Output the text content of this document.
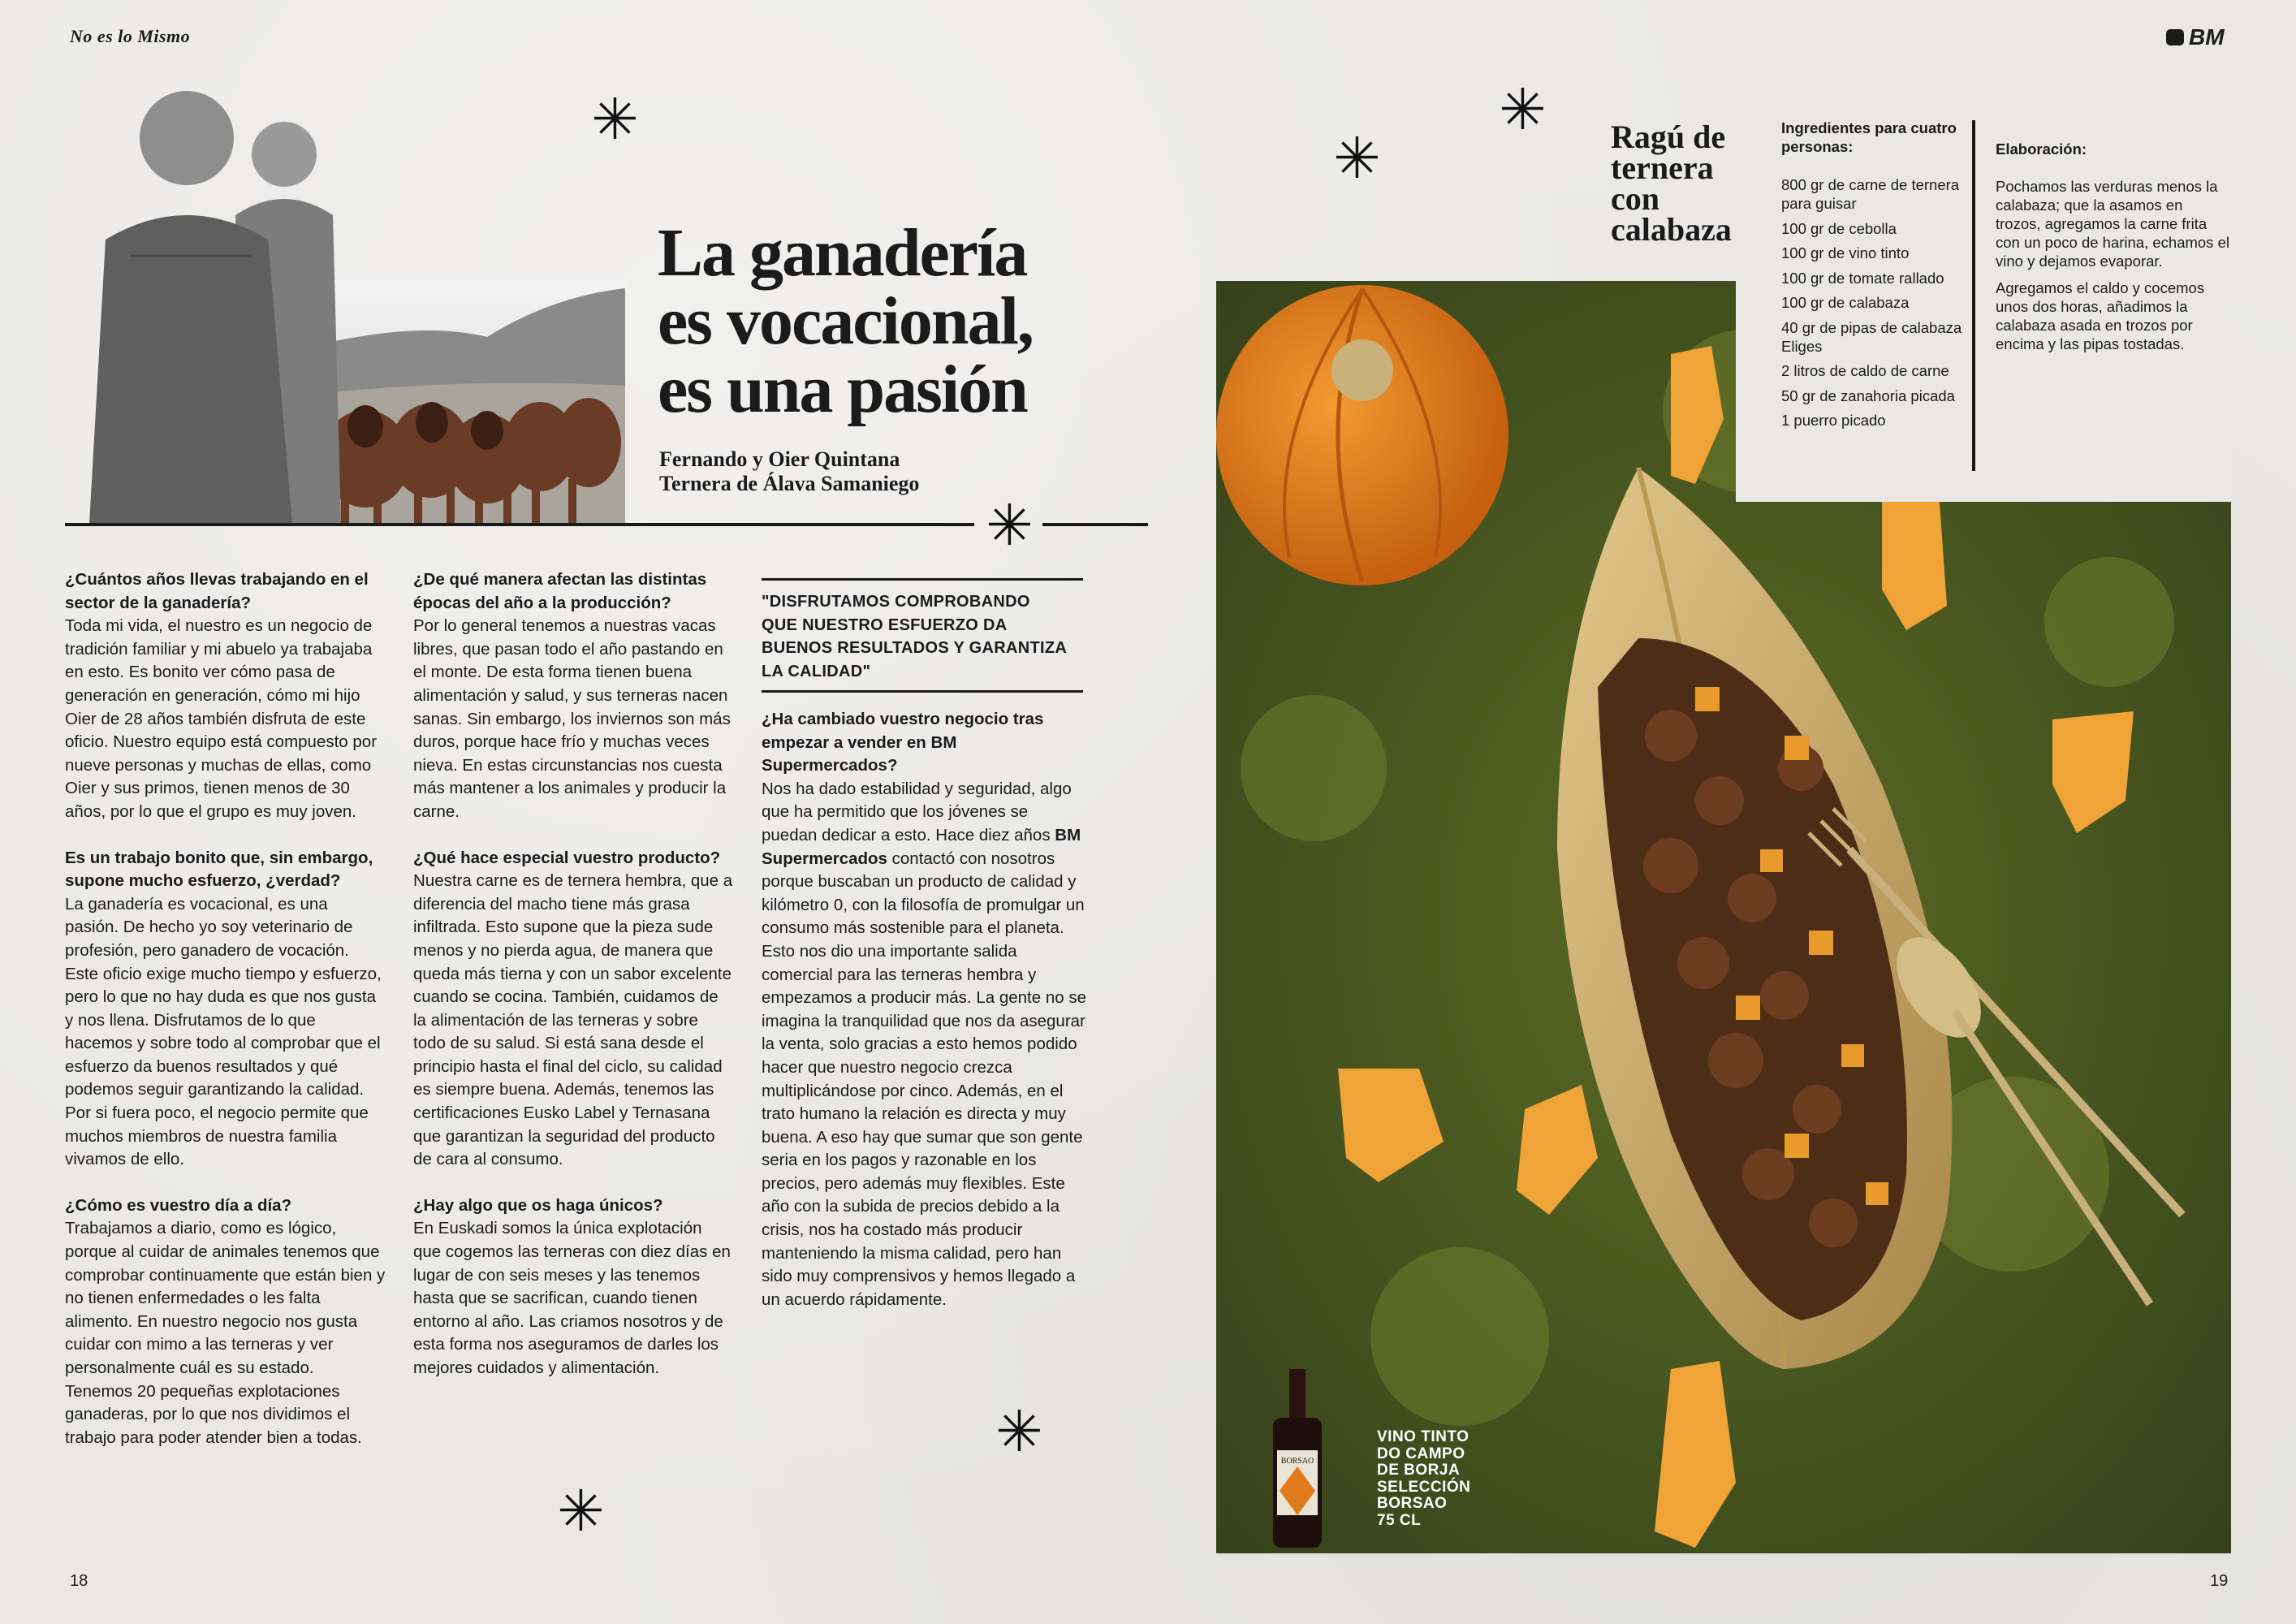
No es lo Mismo	BM
La ganadería
es vocacional,
es una pasión
Fernando y Oier Quintana
Ternera de Álava Samaniego
✳
✳
✳
✳
✳
✳

¿Cuántos años llevas trabajando en el sector de la ganadería?
Toda mi vida, el nuestro es un negocio de tradición familiar y mi abuelo ya trabajaba en esto. Es bonito ver cómo pasa de generación en generación, cómo mi hijo Oier de 28 años también disfruta de este oficio. Nuestro equipo está compuesto por nueve personas y muchas de ellas, como Oier y sus primos, tienen menos de 30 años, por lo que el grupo es muy joven.

Es un trabajo bonito que, sin embargo, supone mucho esfuerzo, ¿verdad?
La ganadería es vocacional, es una pasión. De hecho yo soy veterinario de profesión, pero ganadero de vocación. Este oficio exige mucho tiempo y esfuerzo, pero lo que no hay duda es que nos gusta y nos llena. Disfrutamos de lo que hacemos y sobre todo al comprobar que el esfuerzo da buenos resultados y qué podemos seguir garantizando la calidad. Por si fuera poco, el negocio permite que muchos miembros de nuestra familia vivamos de ello.

¿Cómo es vuestro día a día?
Trabajamos a diario, como es lógico, porque al cuidar de animales tenemos que comprobar continuamente que están bien y no tienen enfermedades o les falta alimento. En nuestro negocio nos gusta cuidar con mimo a las terneras y ver personalmente cuál es su estado. Tenemos 20 pequeñas explotaciones ganaderas, por lo que nos dividimos el trabajo para poder atender bien a todas.

¿De qué manera afectan las distintas épocas del año a la producción?
Por lo general tenemos a nuestras vacas libres, que pasan todo el año pastando en el monte. De esta forma tienen buena alimentación y salud, y sus terneras nacen sanas. Sin embargo, los inviernos son más duros, porque hace frío y muchas veces nieva. En estas circunstancias nos cuesta más mantener a los animales y producir la carne.

¿Qué hace especial vuestro producto?
Nuestra carne es de ternera hembra, que a diferencia del macho tiene más grasa infiltrada. Esto supone que la pieza sude menos y no pierda agua, de manera que queda más tierna y con un sabor excelente cuando se cocina. También, cuidamos de la alimentación de las terneras y sobre todo de su salud. Si está sana desde el principio hasta el final del ciclo, su calidad es siempre buena. Además, tenemos las certificaciones Eusko Label y Ternasana que garantizan la seguridad del producto de cara al consumo.

¿Hay algo que os haga únicos?
En Euskadi somos la única explotación que cogemos las terneras con diez días en lugar de con seis meses y las tenemos hasta que se sacrifican, cuando tienen entorno al año. Las criamos nosotros y de esta forma nos aseguramos de darles los mejores cuidados y alimentación.

"DISFRUTAMOS COMPROBANDO QUE NUESTRO ESFUERZO DA BUENOS RESULTADOS Y GARANTIZA LA CALIDAD"

¿Ha cambiado vuestro negocio tras empezar a vender en BM Supermercados?
Nos ha dado estabilidad y seguridad, algo que ha permitido que los jóvenes se puedan dedicar a esto. Hace diez años BM Supermercados contactó con nosotros porque buscaban un producto de calidad y kilómetro 0, con la filosofía de promulgar un consumo más sostenible para el planeta. Esto nos dio una importante salida comercial para las terneras hembra y empezamos a producir más. La gente no se imagina la tranquilidad que nos da asegurar la venta, solo gracias a esto hemos podido hacer que nuestro negocio crezca multiplicándose por cinco. Además, en el trato humano la relación es directa y muy buena. A eso hay que sumar que son gente seria en los pagos y razonable en los precios, pero además muy flexibles. Este año con la subida de precios debido a la crisis, nos ha costado más producir manteniendo la misma calidad, pero han sido muy comprensivos y hemos llegado a un acuerdo rápidamente.

18	19
BORSAO
Ragú de
ternera
con
calabaza
Ingredientes para cuatro personas:
800 gr de carne de ternera para guisar
100 gr de cebolla
100 gr de vino tinto
100 gr de tomate rallado
100 gr de calabaza
40 gr de pipas de calabaza Eliges
2 litros de caldo de carne
50 gr de zanahoria picada
1 puerro picado
Elaboración:

Pochamos las verduras menos la calabaza; que la asamos en trozos, agregamos la carne frita con un poco de harina, echamos el vino y dejamos evaporar.

Agregamos el caldo y cocemos unos dos horas, añadimos la calabaza asada en trozos por encima y las pipas tostadas.

VINO TINTO
DO CAMPO
DE BORJA
SELECCIÓN
BORSAO
75 CL
